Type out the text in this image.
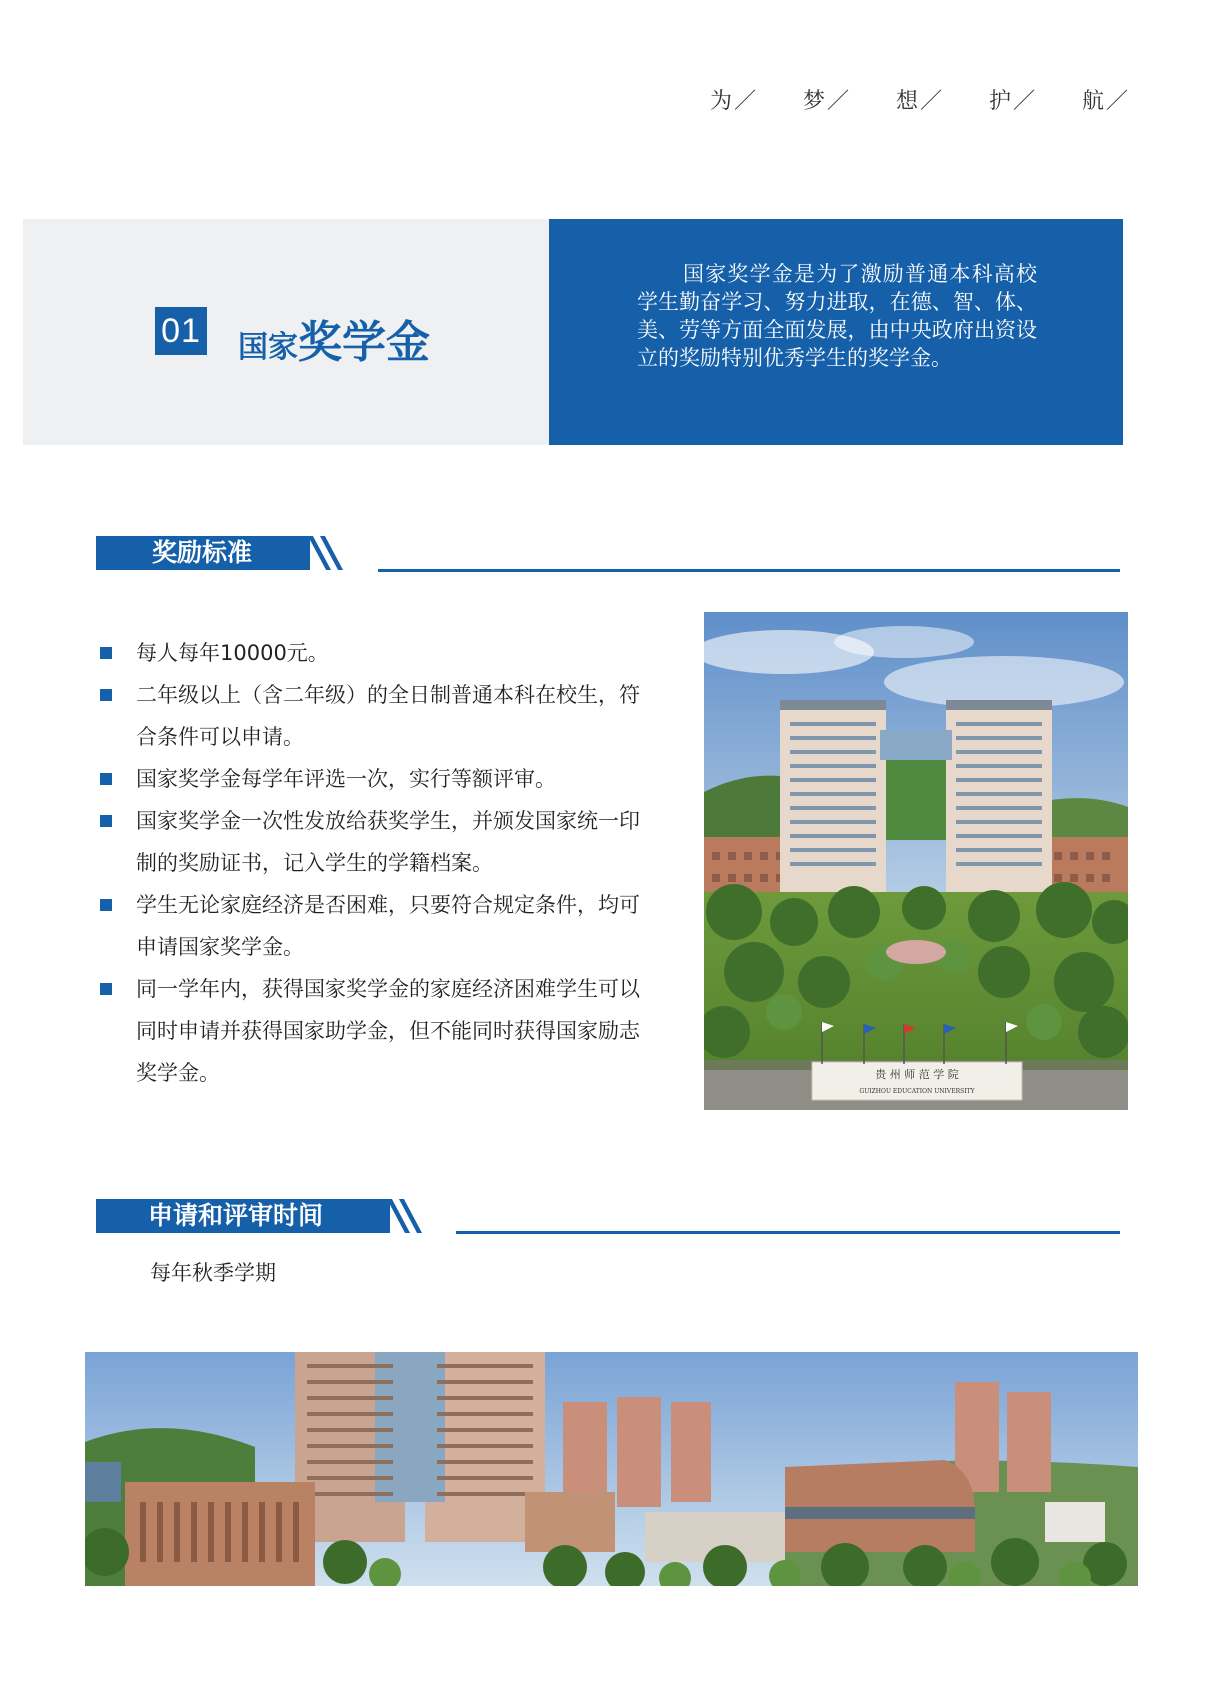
为／ 梦／ 想／ 护／ 航／
01 国家奖学金
国家奖学金是为了激励普通本科高校学生勤奋学习、努力进取，在德、智、体、美、劳等方面全面发展，由中央政府出资设立的奖励特别优秀学生的奖学金。
奖励标准
每人每年10000元。
二年级以上（含二年级）的全日制普通本科在校生，符合条件可以申请。
国家奖学金每学年评选一次，实行等额评审。
国家奖学金一次性发放给获奖学生，并颁发国家统一印制的奖励证书，记入学生的学籍档案。
学生无论家庭经济是否困难，只要符合规定条件，均可申请国家奖学金。
同一学年内，获得国家奖学金的家庭经济困难学生可以同时申请并获得国家助学金，但不能同时获得国家励志奖学金。	贵 州 师 范 学 院
GUIZHOU EDUCATION UNIVERSITY
申请和评审时间
每年秋季学期
